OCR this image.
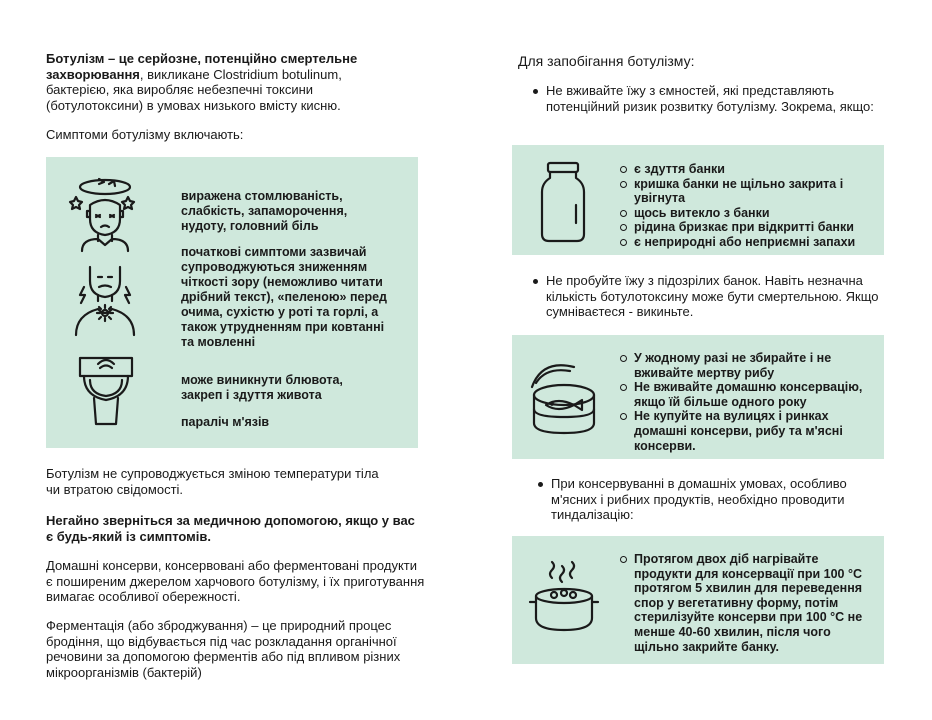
Ботулізм – це серйозне, потенційно смертельне захворювання, викликане Clostridium botulinum, бактерією, яка виробляє небезпечні токсини (ботулотоксини) в умовах низького вмісту кисню.
Симптоми ботулізму включають:
виражена стомлюваність, слабкість, запаморочення, нудоту, головний біль
початкові симптоми зазвичай супроводжуються зниженням чіткості зору (неможливо читати дрібний текст), «пеленою» перед очима, сухістю у роті та горлі, а також утрудненням при ковтанні та мовленні
може виникнути блювота, закреп і здуття живота
параліч м'язів
Ботулізм не супроводжується зміною температури тіла чи втратою свідомості.
Негайно зверніться за медичною допомогою, якщо у вас є будь-який із симптомів.
Домашні консерви, консервовані або ферментовані продукти є поширеним джерелом харчового ботулізму, і їх приготування вимагає особливої обережності.
Ферментація (або зброджування) – це природний процес бродіння, що відбувається під час розкладання органічної речовини за допомогою ферментів або під впливом різних мікроорганізмів (бактерій)
Для запобігання ботулізму:
Не вживайте їжу з ємностей, які представляють потенційний ризик розвитку ботулізму. Зокрема, якщо:
є здуття банки
кришка банки не щільно закрита і увігнута
щось витекло з банки
рідина бризкає при відкритті банки
є неприродні або неприємні запахи
Не пробуйте їжу з підозрілих банок. Навіть незначна кількість ботулотоксину може бути смертельною. Якщо сумніваєтеся - викиньте.
У жодному разі не збирайте і не вживайте мертву рибу
Не вживайте домашню консервацію, якщо їй більше одного року
Не купуйте на вулицях і ринках домашні консерви, рибу та м'ясні консерви.
При консервуванні в домашніх умовах, особливо м'ясних і рибних продуктів, необхідно проводити тиндалізацію:
Протягом двох діб нагрівайте продукти для консервації при 100 °С протягом 5 хвилин для переведення спор у вегетативну форму, потім стерилізуйте консерви при 100 °С не менше 40-60 хвилин, після чого щільно закрийте банку.
